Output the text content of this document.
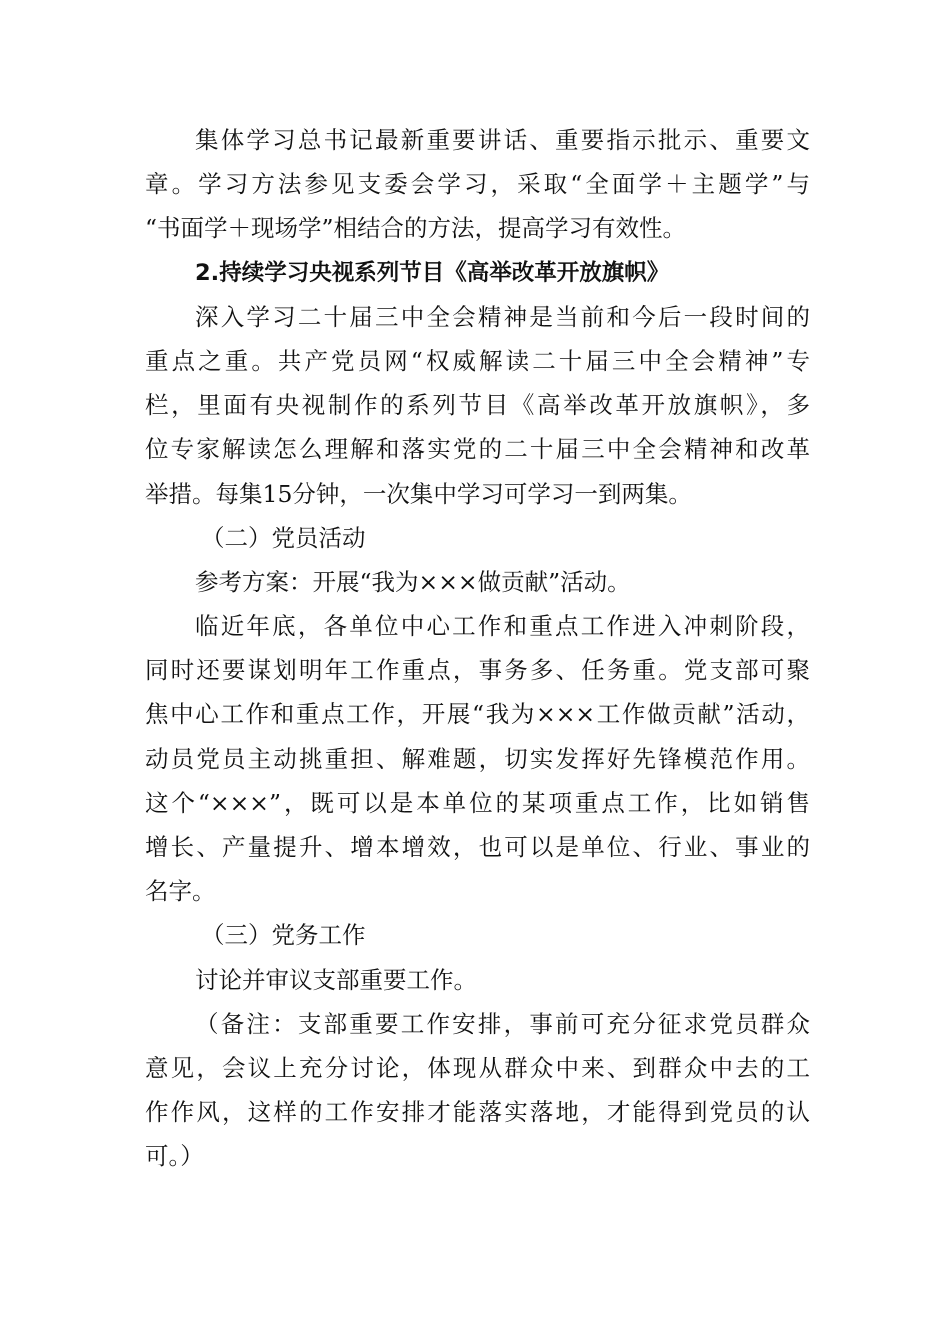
集体学习总书记最新重要讲话、重要指示批示、重要文
章。学习方法参见支委会学习，采取“全面学＋主题学”与
“书面学＋现场学”相结合的方法，提高学习有效性。
2.持续学习央视系列节目《高举改革开放旗帜》
深入学习二十届三中全会精神是当前和今后一段时间的
重点之重。共产党员网“权威解读二十届三中全会精神”专
栏，里面有央视制作的系列节目《高举改革开放旗帜》，多
位专家解读怎么理解和落实党的二十届三中全会精神和改革
举措。每集15分钟，一次集中学习可学习一到两集。
（二）党员活动
参考方案：开展“我为×××做贡献”活动。
临近年底，各单位中心工作和重点工作进入冲刺阶段，
同时还要谋划明年工作重点，事务多、任务重。党支部可聚
焦中心工作和重点工作，开展“我为×××工作做贡献”活动，
动员党员主动挑重担、解难题，切实发挥好先锋模范作用。
这个“×××”，既可以是本单位的某项重点工作，比如销售
增长、产量提升、增本增效，也可以是单位、行业、事业的
名字。
（三）党务工作
讨论并审议支部重要工作。
（备注：支部重要工作安排，事前可充分征求党员群众
意见，会议上充分讨论，体现从群众中来、到群众中去的工
作作风，这样的工作安排才能落实落地，才能得到党员的认
可。）
